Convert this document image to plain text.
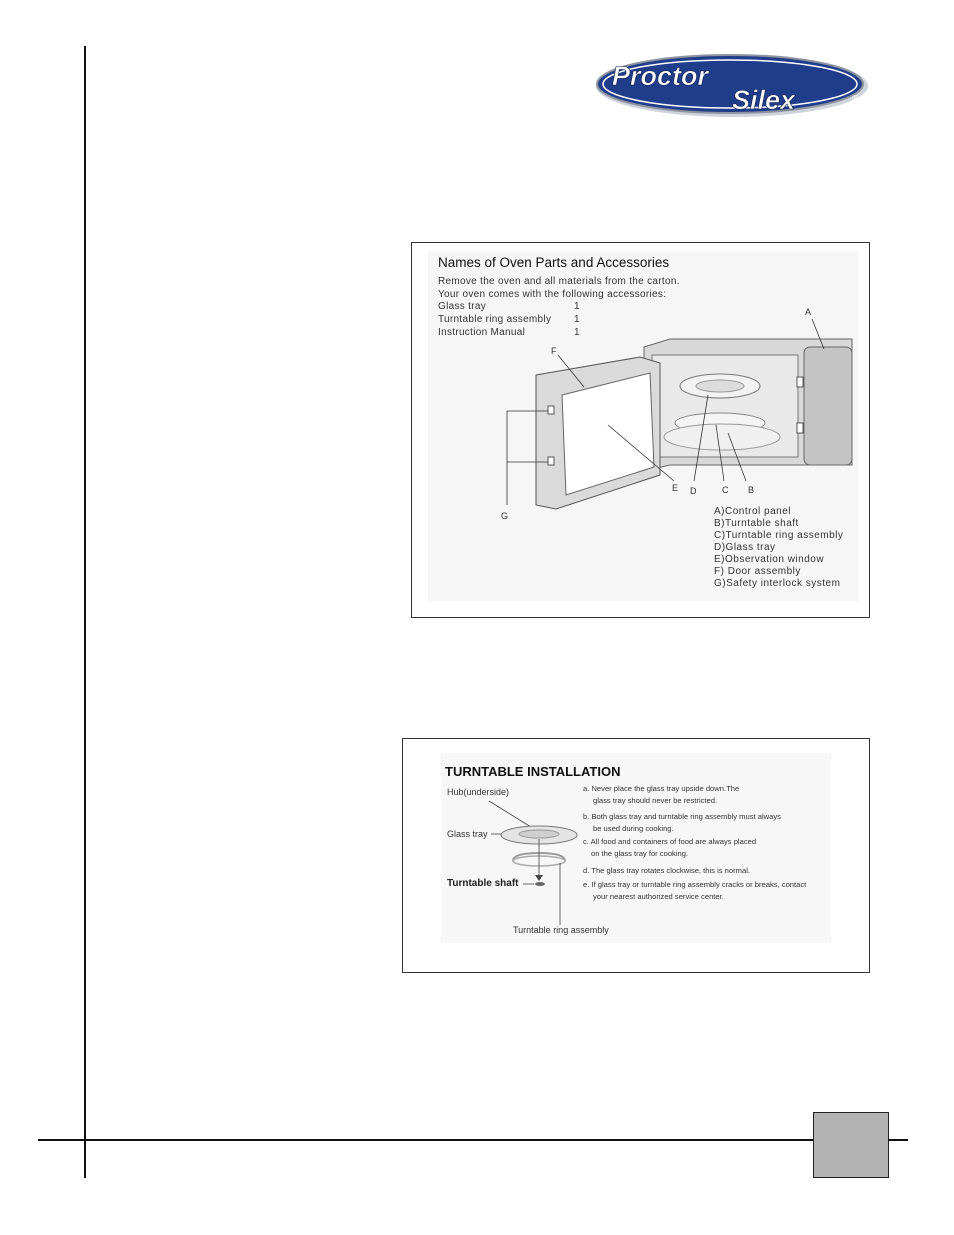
Proctor
Silex	®
Names of Oven Parts and Accessories
Remove the oven and all materials from the carton.
Your oven comes with the following accessories:
Glass tray	1
Turntable ring assembly 1
Instruction Manual	1
A
F
E D	C B
G	A)Control panel
B)Turntable shaft
C)Turntable ring assembly
D)Glass tray
E)Observation window
F) Door assembly
G)Safety interlock system
TURNTABLE INSTALLATION
Hub(underside)
Glass tray
Turntable shaft
Turntable ring assembly
a. Never place the glass tray upside down.The
glass tray should never be restricted.
b. Both glass tray and turntable ring assembly must always
be used during cooking.
c. All food and containers of food are always placed
on the glass tray for cooking.
d. The glass tray rotates clockwise, this is normal.
e. If glass tray or turntable ring assembly cracks or breaks, contact
your nearest authorized service center.
